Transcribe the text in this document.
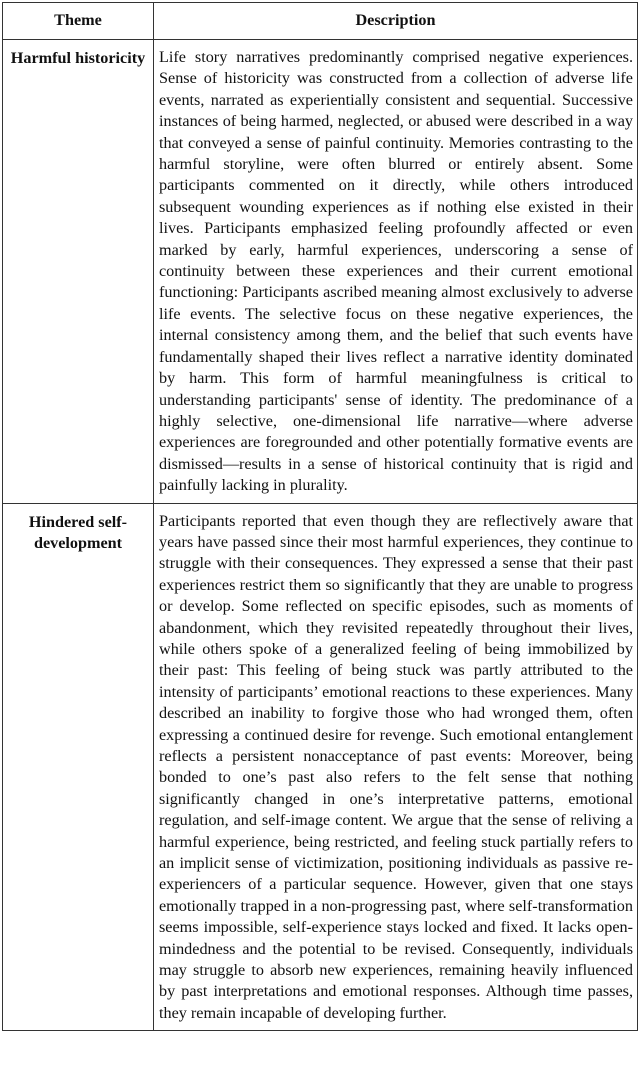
Theme	Description
Harmful historicity	Life story narratives predominantly comprised negative experiences. Sense of historicity was constructed from a collection of adverse life events, narrated as experientially consistent and sequential. Successive instances of being harmed, neglected, or abused were described in a way that conveyed a sense of painful continuity. Memories contrasting to the harmful storyline, were often blurred or entirely absent. Some participants commented on it directly, while others introduced subsequent wounding experiences as if nothing else existed in their lives. Participants emphasized feeling profoundly affected or even marked by early, harmful experiences, underscoring a sense of continuity between these experiences and their current emotional functioning: Participants ascribed meaning almost exclusively to adverse life events. The selective focus on these negative experiences, the internal consistency among them, and the belief that such events have fundamentally shaped their lives reflect a narrative identity dominated by harm. This form of harmful meaningfulness is critical to understanding participants' sense of identity. The predominance of a highly selective, one-dimensional life narrative—where adverse experiences are foregrounded and other potentially formative events are dismissed—results in a sense of historical continuity that is rigid and painfully lacking in plurality.
Hindered self-development	Participants reported that even though they are reflectively aware that years have passed since their most harmful experiences, they continue to struggle with their consequences. They expressed a sense that their past experiences restrict them so significantly that they are unable to progress or develop. Some reflected on specific episodes, such as moments of abandonment, which they revisited repeatedly throughout their lives, while others spoke of a generalized feeling of being immobilized by their past: This feeling of being stuck was partly attributed to the intensity of participants’ emotional reactions to these experiences. Many described an inability to forgive those who had wronged them, often expressing a continued desire for revenge. Such emotional entanglement reflects a persistent nonacceptance of past events: Moreover, being bonded to one’s past also refers to the felt sense that nothing significantly changed in one’s interpretative patterns, emotional regulation, and self-image content. We argue that the sense of reliving a harmful experience, being restricted, and feeling stuck partially refers to an implicit sense of victimization, positioning individuals as passive re-experiencers of a particular sequence. However, given that one stays emotionally trapped in a non-progressing past, where self-transformation seems impossible, self-experience stays locked and fixed. It lacks open-mindedness and the potential to be revised. Consequently, individuals may struggle to absorb new experiences, remaining heavily influenced by past interpretations and emotional responses. Although time passes, they remain incapable of developing further.
